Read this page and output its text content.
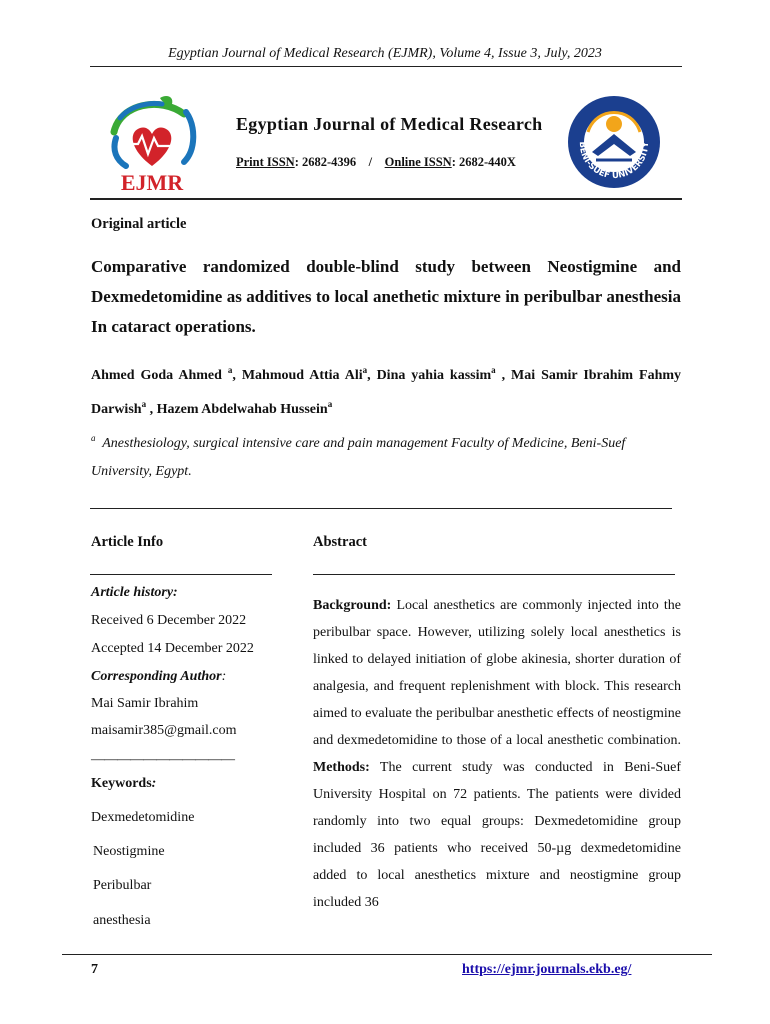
Egyptian Journal of Medical Research (EJMR), Volume 4, Issue 3, July, 2023
EJMR
Egyptian Journal of Medical Research
Print ISSN: 2682-4396 / Online ISSN: 2682-440X
BENI-SUEF UNIVERSITY
Original article
Comparative randomized double-blind study between Neostigmine and Dexmedetomidine as additives to local anethetic mixture in peribulbar anesthesia In cataract operations.
Ahmed Goda Ahmed $^a$, Mahmoud Attia Ali$^a$, Dina yahia kassim$^a$ , Mai Samir Ibrahim Fahmy Darwish$^a$ , Hazem Abdelwahab Hussein$^a$
$^a$ Anesthesiology, surgical intensive care and pain management Faculty of Medicine, Beni-Suef University, Egypt.
Article Info	Abstract
Article history:
Received 6 December 2022
Accepted 14 December 2022
Corresponding Author:
Mai Samir Ibrahim
maisamir385@gmail.com
———————————
Keywords:
Dexmedetomidine
Neostigmine
Peribulbar
anesthesia
Background: Local anesthetics are commonly injected into the peribulbar space. However, utilizing solely local anesthetics is linked to delayed initiation of globe akinesia, shorter duration of analgesia, and frequent replenishment with block. This research aimed to evaluate the peribulbar anesthetic effects of neostigmine and dexmedetomidine to those of a local anesthetic combination. Methods: The current study was conducted in Beni-Suef University Hospital on 72 patients. The patients were divided randomly into two equal groups: Dexmedetomidine group included 36 patients who received 50-µg dexmedetomidine added to local anesthetics mixture and neostigmine group included 36
7	https://ejmr.journals.ekb.eg/
